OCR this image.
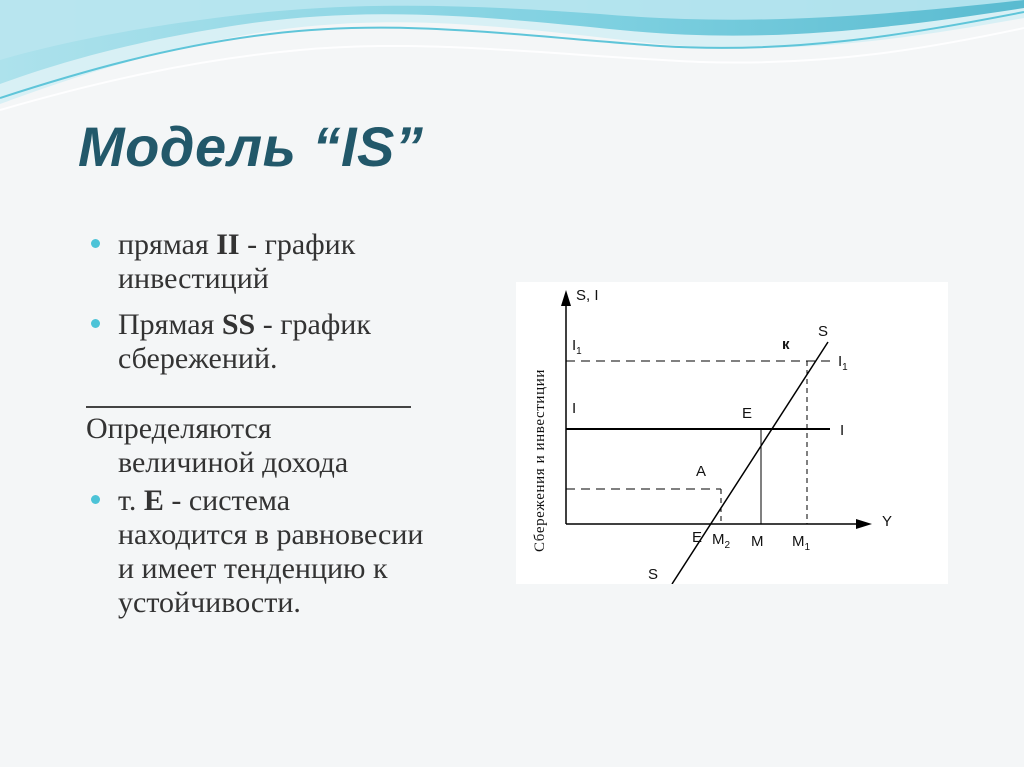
Модель “IS”
прямая II - график
инвестиций
Прямая SS - график
сбережений.
Определяются
величиной дохода
т. E - система
находится в равновесии
и имеет тенденцию к
устойчивости.
Сбережения и инвестиции
S, I
Y
$I_1$
I
S
к
$I_1$
I
E
A
S
E $M_2$ M $M_1$
